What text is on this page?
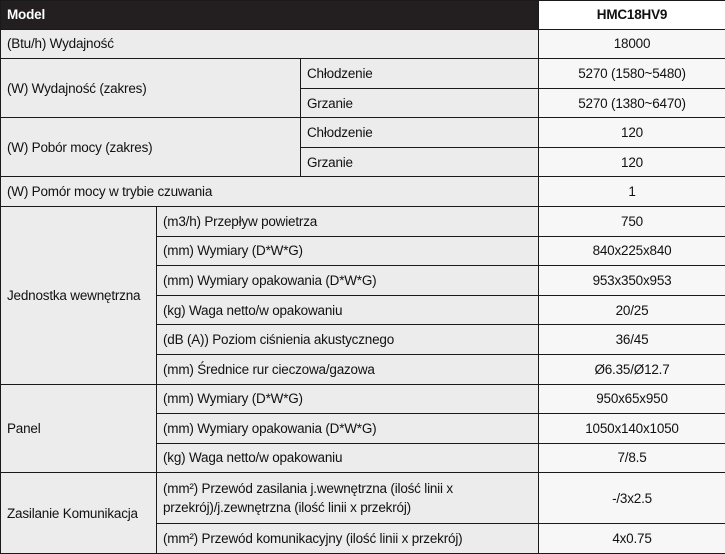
Model			HMC18HV9
(Btu/h) Wydajność			18000
(W) Wydajność (zakres)		Chłodzenie	5270 (1580~5480)
		Grzanie	5270 (1380~6470)
(W) Pobór mocy (zakres)		Chłodzenie	120
		Grzanie	120
(W) Pomór mocy w trybie czuwania			1
Jednostka wewnętrzna	(m3/h) Przepływ powietrza		750
	(mm) Wymiary (D*W*G)		840x225x840
	(mm) Wymiary opakowania (D*W*G)		953x350x953
	(kg) Waga netto/w opakowaniu		20/25
	(dB (A)) Poziom ciśnienia akustycznego		36/45
	(mm) Średnice rur cieczowa/gazowa		Ø6.35/Ø12.7
Panel	(mm) Wymiary (D*W*G)		950x65x950
	(mm) Wymiary opakowania (D*W*G)		1050x140x1050
	(kg) Waga netto/w opakowaniu		7/8.5
Zasilanie Komunikacja	(mm²) Przewód zasilania j.wewnętrzna (ilość linii x przekrój)/j.zewnętrzna (ilość linii x przekrój)		-/3x2.5
	(mm²) Przewód komunikacyjny (ilość linii x przekrój)		4x0.75
